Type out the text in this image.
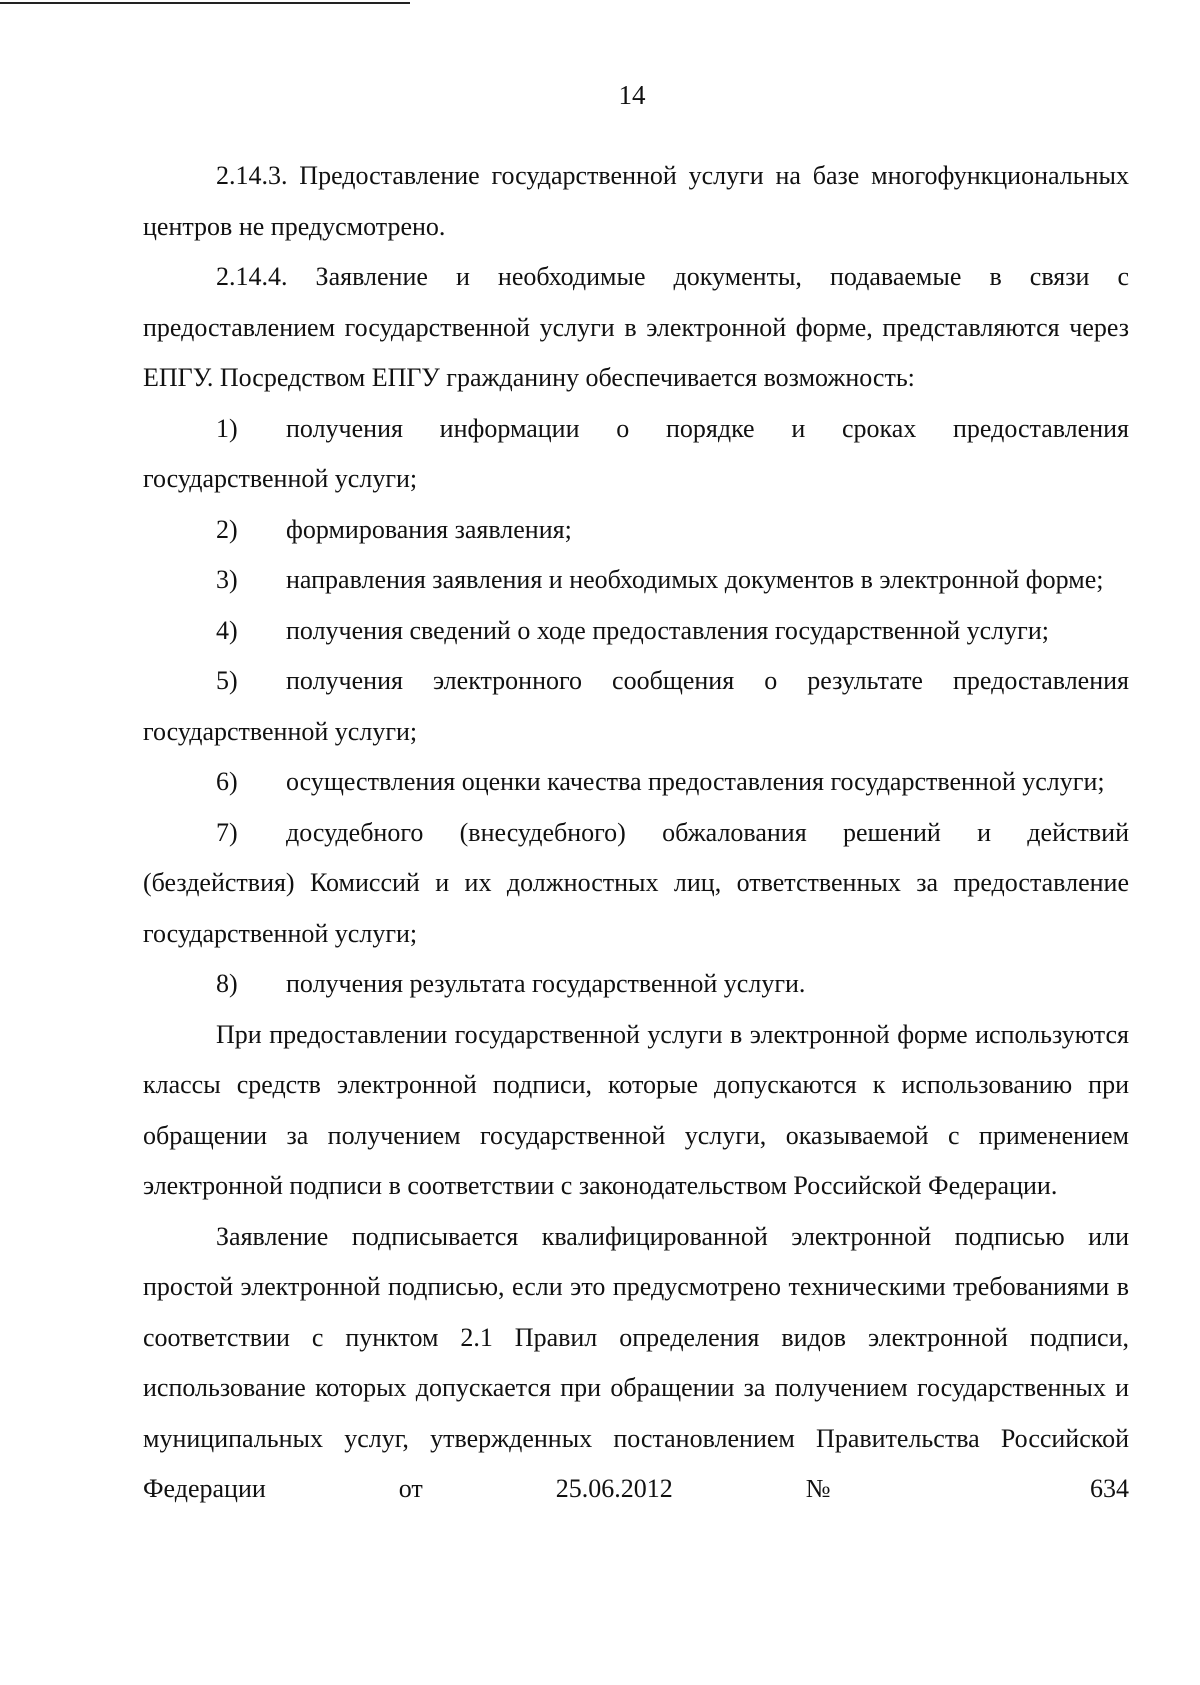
14

2.14.3. Предоставление государственной услуги на базе многофункциональных центров не предусмотрено.

2.14.4. Заявление и необходимые документы, подаваемые в связи с предоставлением государственной услуги в электронной форме, представляются через ЕПГУ. Посредством ЕПГУ гражданину обеспечивается возможность:

1) получения информации о порядке и сроках предоставления государственной услуги;

2) формирования заявления;

3) направления заявления и необходимых документов в электронной форме;

4) получения сведений о ходе предоставления государственной услуги;

5) получения электронного сообщения о результате предоставления государственной услуги;

6) осуществления оценки качества предоставления государственной услуги;

7) досудебного (внесудебного) обжалования решений и действий (бездействия) Комиссий и их должностных лиц, ответственных за предоставление государственной услуги;

8) получения результата государственной услуги.

При предоставлении государственной услуги в электронной форме используются классы средств электронной подписи, которые допускаются к использованию при обращении за получением государственной услуги, оказываемой с применением электронной подписи в соответствии с законодательством Российской Федерации.

Заявление подписывается квалифицированной электронной подписью или простой электронной подписью, если это предусмотрено техническими требованиями в соответствии с пунктом 2.1 Правил определения видов электронной подписи, использование которых допускается при обращении за получением государственных и муниципальных услуг, утвержденных постановлением Правительства Российской Федерации от 25.06.2012 № 634
